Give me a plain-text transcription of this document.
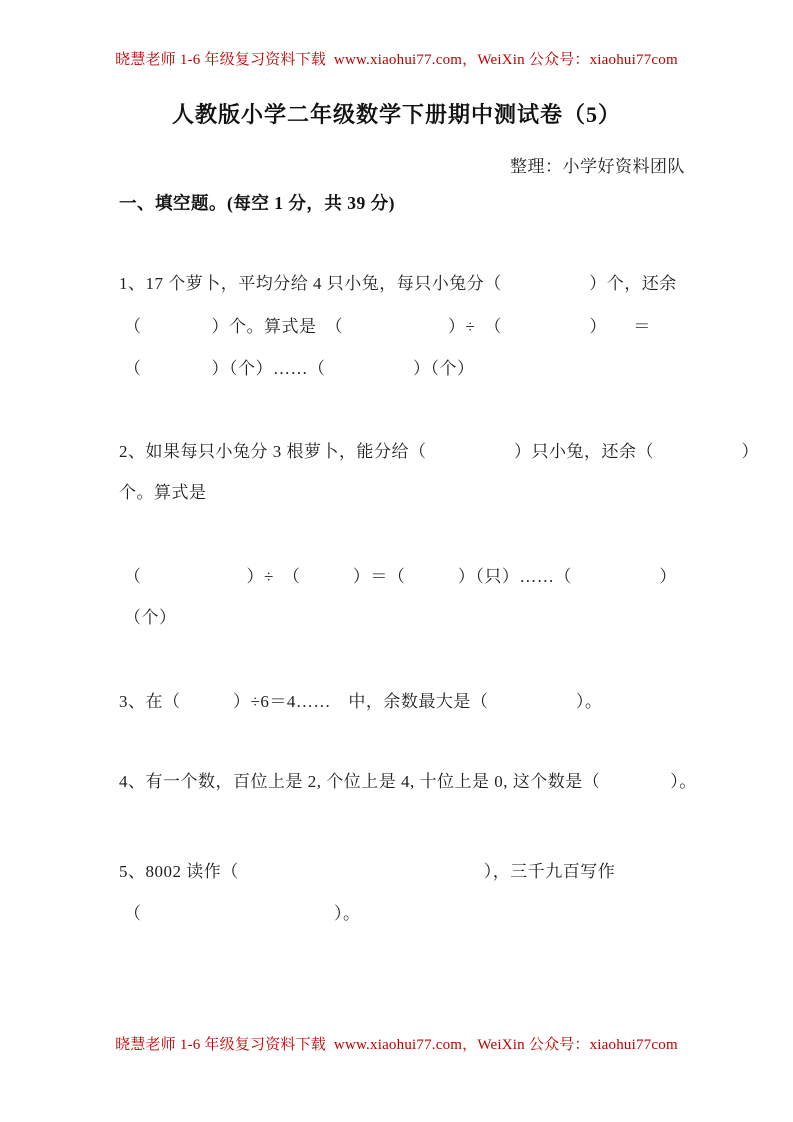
晓慧老师 1-6 年级复习资料下载  www.xiaohui77.com，WeiXin 公众号：xiaohui77com
人教版小学二年级数学下册期中测试卷（5）
整理：小学好资料团队
一、填空题。(每空 1 分，共 39 分)
1、17 个萝卜，平均分给 4 只小兔，每只小兔分（　　　　　）个，还余
（　　　　）个。算式是　（　　　　　　）÷　（　　　　　）　　＝
（　　　　）（个）……（　　　　　）（个）
2、如果每只小兔分 3 根萝卜，能分给（　　　　　）只小兔，还余（　　　　　）
个。算式是
（　　　　　　）÷　（　　　）＝（　　　）（只）……（　　　　　）
（个）
3、在（　　　）÷6＝4……　中，余数最大是（　　　　　）。
4、有一个数，百位上是 2, 个位上是 4, 十位上是 0, 这个数是（　　　　）。
5、8002 读作（　　　　　　　　　　　　　　），三千九百写作
（　　　　　　　　　　　）。
晓慧老师 1-6 年级复习资料下载  www.xiaohui77.com，WeiXin 公众号：xiaohui77com
